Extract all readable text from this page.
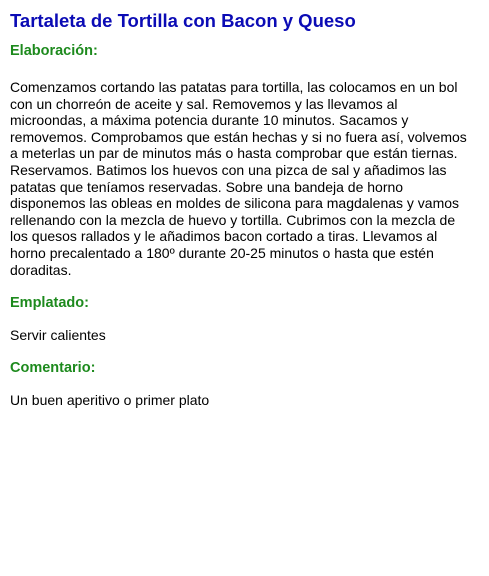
Tartaleta de Tortilla con Bacon y Queso
Elaboración:

Comenzamos cortando las patatas para tortilla, las colocamos en un bol con un chorreón de aceite y sal. Removemos y las llevamos al microondas, a máxima potencia durante 10 minutos. Sacamos y removemos. Comprobamos que están hechas y si no fuera así, volvemos a meterlas un par de minutos más o hasta comprobar que están tiernas. Reservamos. Batimos los huevos con una pizca de sal y añadimos las patatas que teníamos reservadas. Sobre una bandeja de horno disponemos las obleas en moldes de silicona para magdalenas y vamos rellenando con la mezcla de huevo y tortilla. Cubrimos con la mezcla de los quesos rallados y le añadimos bacon cortado a tiras. Llevamos al horno precalentado a 180º durante 20-25 minutos o hasta que estén doraditas.

Emplatado:

Servir calientes

Comentario:

Un buen aperitivo o primer plato
